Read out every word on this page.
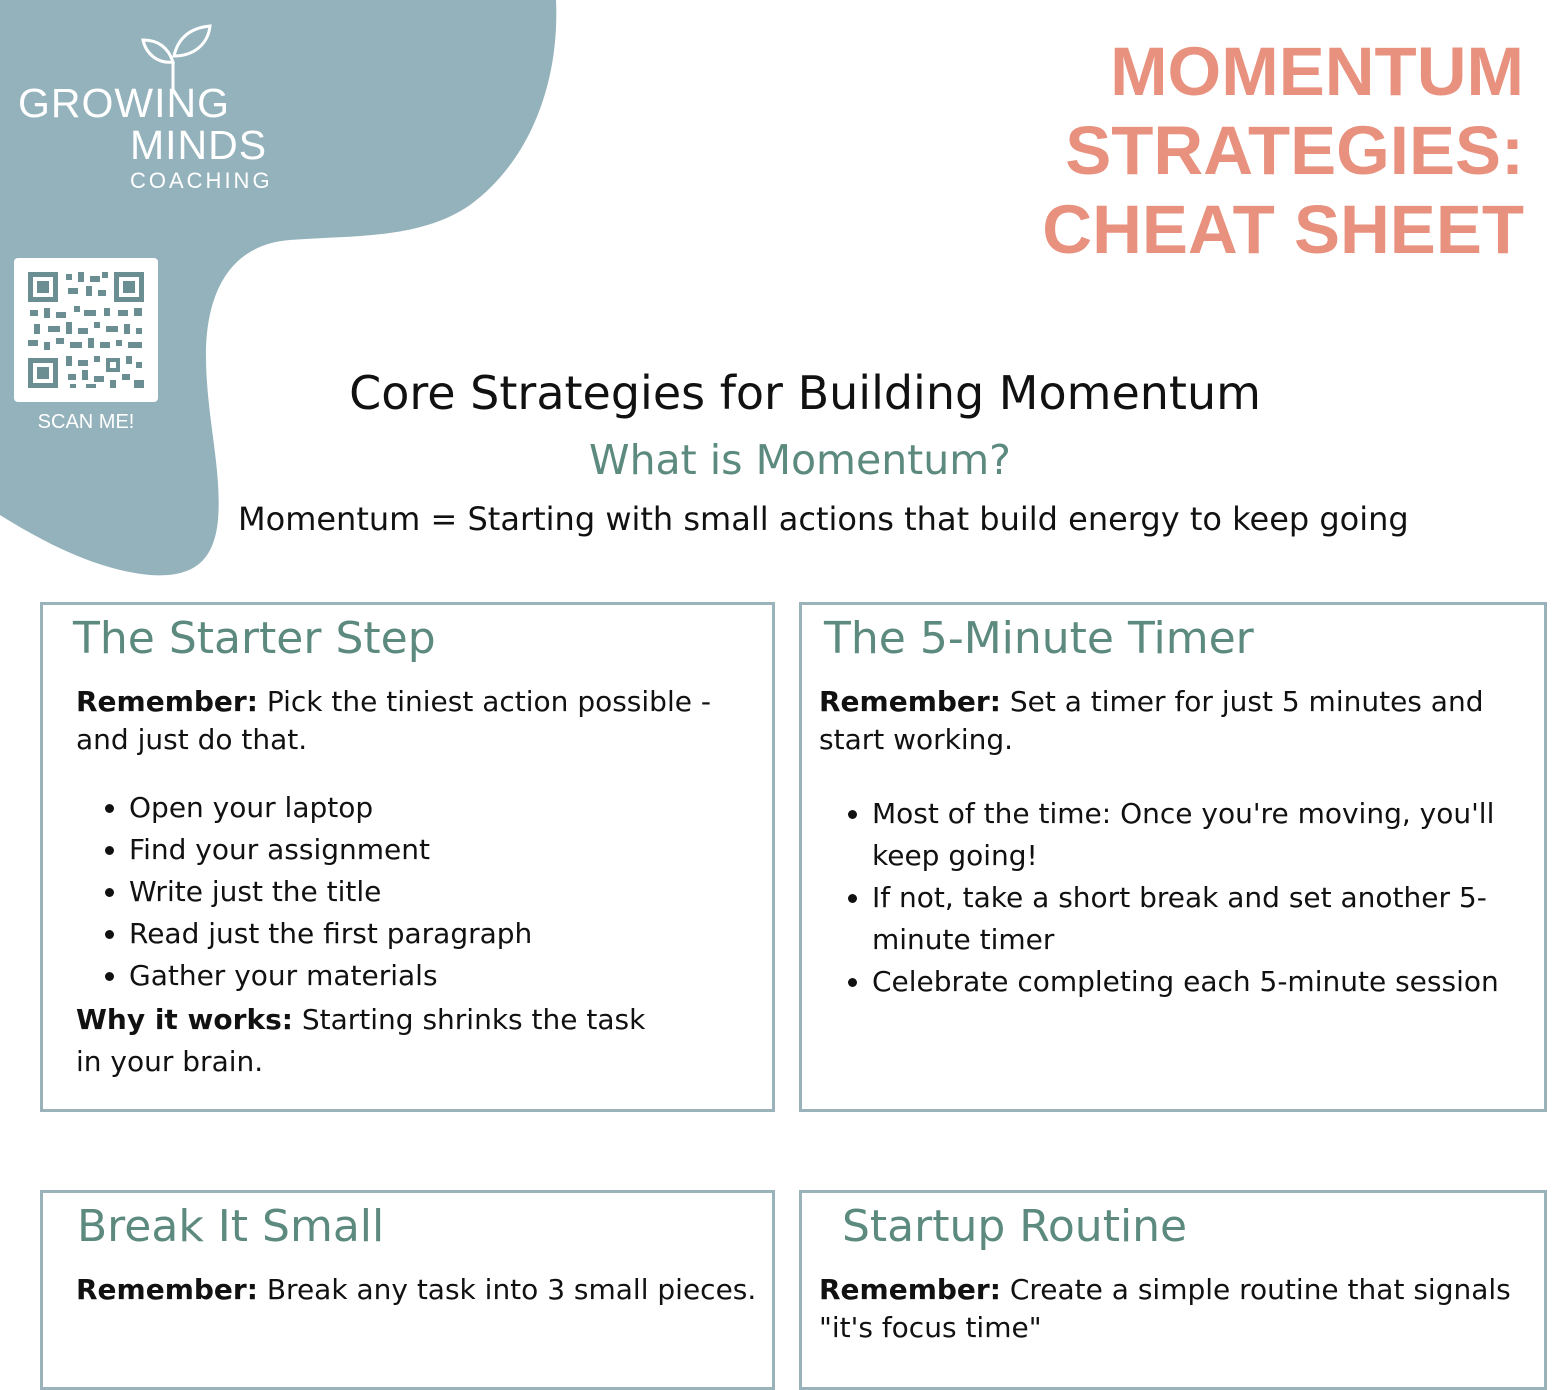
GROWING
MINDS
COACHING
SCAN ME!
MOMENTUM
STRATEGIES:
CHEAT SHEET
Core Strategies for Building Momentum
What is Momentum?
Momentum = Starting with small actions that build energy to keep going
The Starter Step
Remember: Pick the tiniest action possible - and just do that.
• Open your laptop
• Find your assignment
• Write just the title
• Read just the first paragraph
• Gather your materials
Why it works: Starting shrinks the task in your brain.
The 5-Minute Timer
Remember: Set a timer for just 5 minutes and start working.
• Most of the time: Once you're moving, you'll keep going!
• If not, take a short break and set another 5-minute timer
• Celebrate completing each 5-minute session
Break It Small
Remember: Break any task into 3 small pieces.
Startup Routine
Remember: Create a simple routine that signals "it's focus time"
